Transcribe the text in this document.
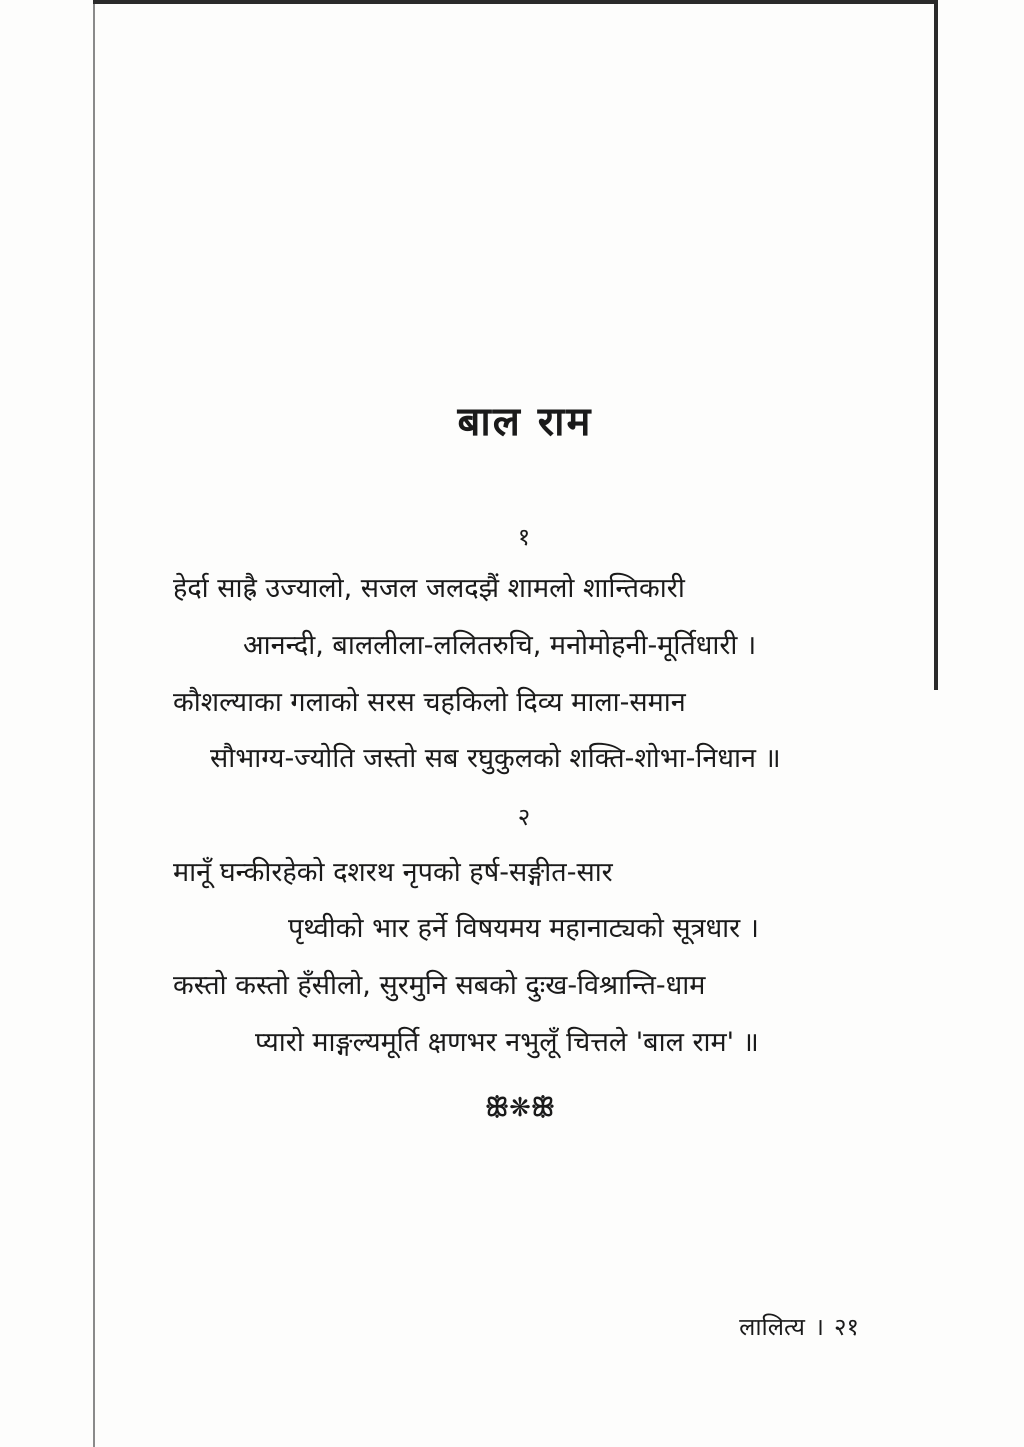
बाल राम
१
हेर्दा साह्रै उज्यालो, सजल जलदझैं शामलो शान्तिकारी
आनन्दी, बाललीला-ललितरुचि, मनोमोहनी-मूर्तिधारी ।
कौशल्याका गलाको सरस चहकिलो दिव्य माला-समान
सौभाग्य-ज्योति जस्तो सब रघुकुलको शक्ति-शोभा-निधान ॥
२
मानूँ घन्कीरहेको दशरथ नृपको हर्ष-सङ्गीत-सार
पृथ्वीको भार हर्ने विषयमय महानाट्यको सूत्रधार ।
कस्तो कस्तो हँसीलो, सुरमुनि सबको दुःख-विश्रान्ति-धाम
प्यारो माङ्गल्यमूर्ति क्षणभर नभुलूँ चित्तले 'बाल राम' ॥
ꕥ❋ꕥ
लालित्य । २१
